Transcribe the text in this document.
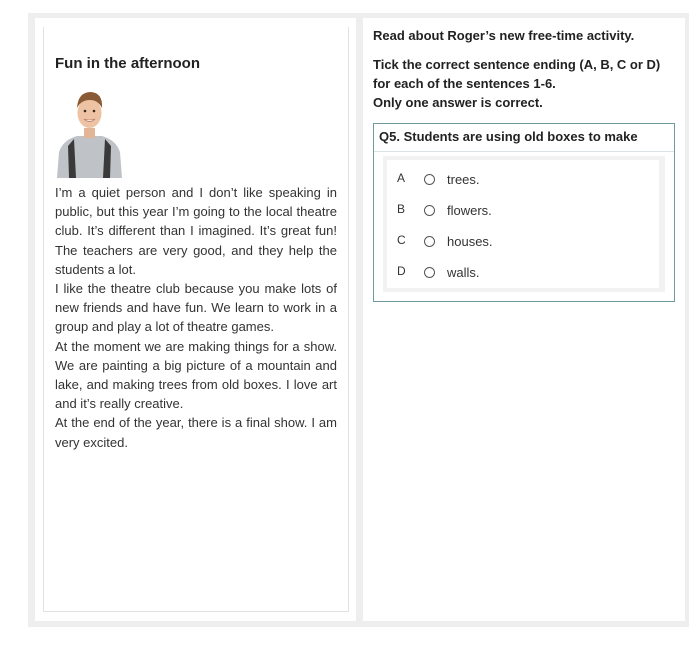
Fun in the afternoon

I’m a quiet person and I don’t like speaking in public, but this year I’m going to the local theatre club. It’s different than I imagined. It’s great fun! The teachers are very good, and they help the students a lot.

I like the theatre club because you make lots of new friends and have fun. We learn to work in a group and play a lot of theatre games.

At the moment we are making things for a show. We are painting a big picture of a mountain and lake, and making trees from old boxes. I love art and it’s really creative.

At the end of the year, there is a final show. I am very excited.

Read about Roger’s new free-time activity.
Tick the correct sentence ending (A, B, C or D) for each of the sentences 1-6.
Only one answer is correct.
Q5. Students are using old boxes to make
A	trees.
B	flowers.
C	houses.
D	walls.
